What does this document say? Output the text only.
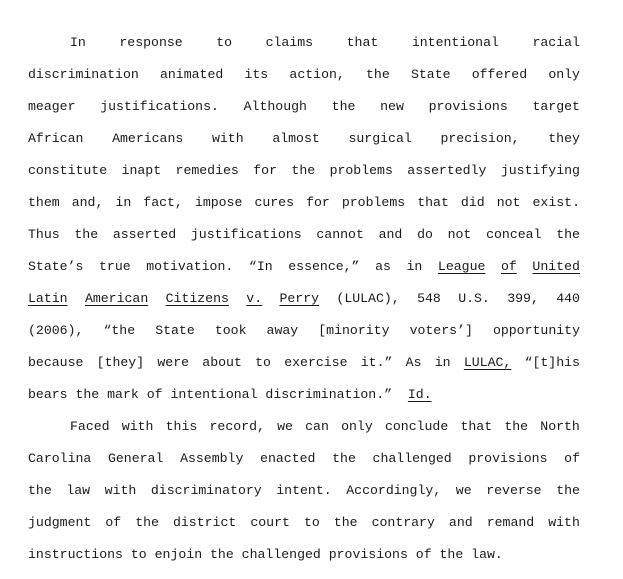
In	response	to	claims	that	intentional	racial
discrimination animated its action, the State offered only
meager justifications. Although the new provisions target
African Americans with almost surgical precision, they
constitute inapt remedies for the problems assertedly justifying
them and, in fact, impose cures for problems that did not exist.
Thus the asserted justifications cannot and do not conceal the
State’s true motivation. “In essence,” as in League of United
Latin American Citizens v. Perry (LULAC), 548 U.S. 399, 440
(2006), “the State took away [minority voters’] opportunity
because [they] were about to exercise it.” As in LULAC, “[t]his
bears the mark of intentional discrimination.” Id.
Faced with this record, we can only conclude that the North
Carolina General Assembly enacted the challenged provisions of
the law with discriminatory intent. Accordingly, we reverse the
judgment of the district court to the contrary and remand with
instructions to enjoin the challenged provisions of the law.
